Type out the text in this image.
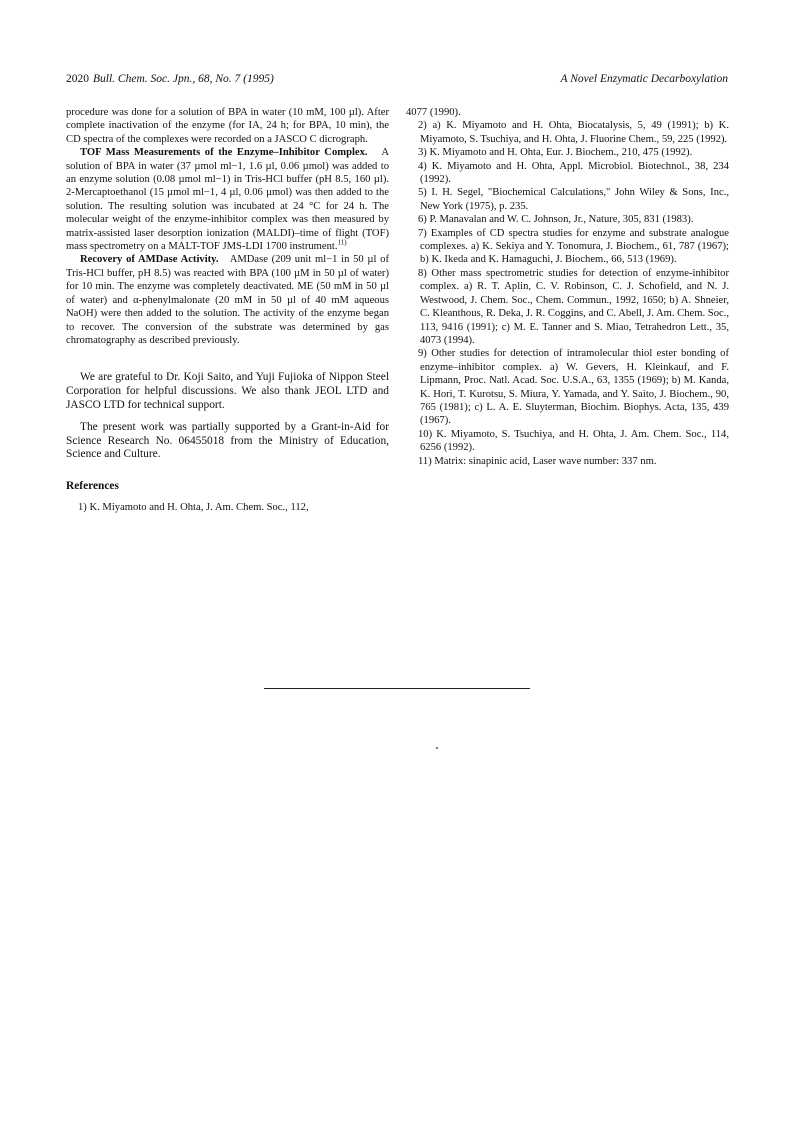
2020 Bull. Chem. Soc. Jpn., 68, No. 7 (1995)	A Novel Enzymatic Decarboxylation

procedure was done for a solution of BPA in water (10 mM, 100 µl). After complete inactivation of the enzyme (for IA, 24 h; for BPA, 10 min), the CD spectra of the complexes were recorded on a JASCO C dicrograph.

TOF Mass Measurements of the Enzyme–Inhibitor Complex. A solution of BPA in water (37 µmol ml−1, 1.6 µl, 0.06 µmol) was added to an enzyme solution (0.08 µmol ml−1) in Tris-HCl buffer (pH 8.5, 160 µl). 2-Mercaptoethanol (15 µmol ml−1, 4 µl, 0.06 µmol) was then added to the solution. The resulting solution was incubated at 24 °C for 24 h. The molecular weight of the enzyme-inhibitor complex was then measured by matrix-assisted laser desorption ionization (MALDI)–time of flight (TOF) mass spectrometry on a MALT-TOF JMS-LDI 1700 instrument.$^{11)}$

Recovery of AMDase Activity. AMDase (209 unit ml−1 in 50 µl of Tris-HCl buffer, pH 8.5) was reacted with BPA (100 µM in 50 µl of water) for 10 min. The enzyme was completely deactivated. ME (50 mM in 50 µl of water) and α-phenylmalonate (20 mM in 50 µl of 40 mM aqueous NaOH) were then added to the solution. The activity of the enzyme began to recover. The conversion of the substrate was determined by gas chromatography as described previously.

We are grateful to Dr. Koji Saito, and Yuji Fujioka of Nippon Steel Corporation for helpful discussions. We also thank JEOL LTD and JASCO LTD for technical support.

The present work was partially supported by a Grant-in-Aid for Science Research No. 06455018 from the Ministry of Education, Science and Culture.

References

1) K. Miyamoto and H. Ohta, J. Am. Chem. Soc., 112,

4077 (1990).

2) a) K. Miyamoto and H. Ohta, Biocatalysis, 5, 49 (1991); b) K. Miyamoto, S. Tsuchiya, and H. Ohta, J. Fluorine Chem., 59, 225 (1992).

3) K. Miyamoto and H. Ohta, Eur. J. Biochem., 210, 475 (1992).

4) K. Miyamoto and H. Ohta, Appl. Microbiol. Biotechnol., 38, 234 (1992).

5) I. H. Segel, "Biochemical Calculations," John Wiley & Sons, Inc., New York (1975), p. 235.

6) P. Manavalan and W. C. Johnson, Jr., Nature, 305, 831 (1983).

7) Examples of CD spectra studies for enzyme and substrate analogue complexes. a) K. Sekiya and Y. Tonomura, J. Biochem., 61, 787 (1967); b) K. Ikeda and K. Hamaguchi, J. Biochem., 66, 513 (1969).

8) Other mass spectrometric studies for detection of enzyme-inhibitor complex. a) R. T. Aplin, C. V. Robinson, C. J. Schofield, and N. J. Westwood, J. Chem. Soc., Chem. Commun., 1992, 1650; b) A. Shneier, C. Kleanthous, R. Deka, J. R. Coggins, and C. Abell, J. Am. Chem. Soc., 113, 9416 (1991); c) M. E. Tanner and S. Miao, Tetrahedron Lett., 35, 4073 (1994).

9) Other studies for detection of intramolecular thiol ester bonding of enzyme–inhibitor complex. a) W. Gevers, H. Kleinkauf, and F. Lipmann, Proc. Natl. Acad. Soc. U.S.A., 63, 1355 (1969); b) M. Kanda, K. Hori, T. Kurotsu, S. Miura, Y. Yamada, and Y. Saito, J. Biochem., 90, 765 (1981); c) L. A. E. Sluyterman, Biochim. Biophys. Acta, 135, 439 (1967).

10) K. Miyamoto, S. Tsuchiya, and H. Ohta, J. Am. Chem. Soc., 114, 6256 (1992).

11) Matrix: sinapinic acid, Laser wave number: 337 nm.
